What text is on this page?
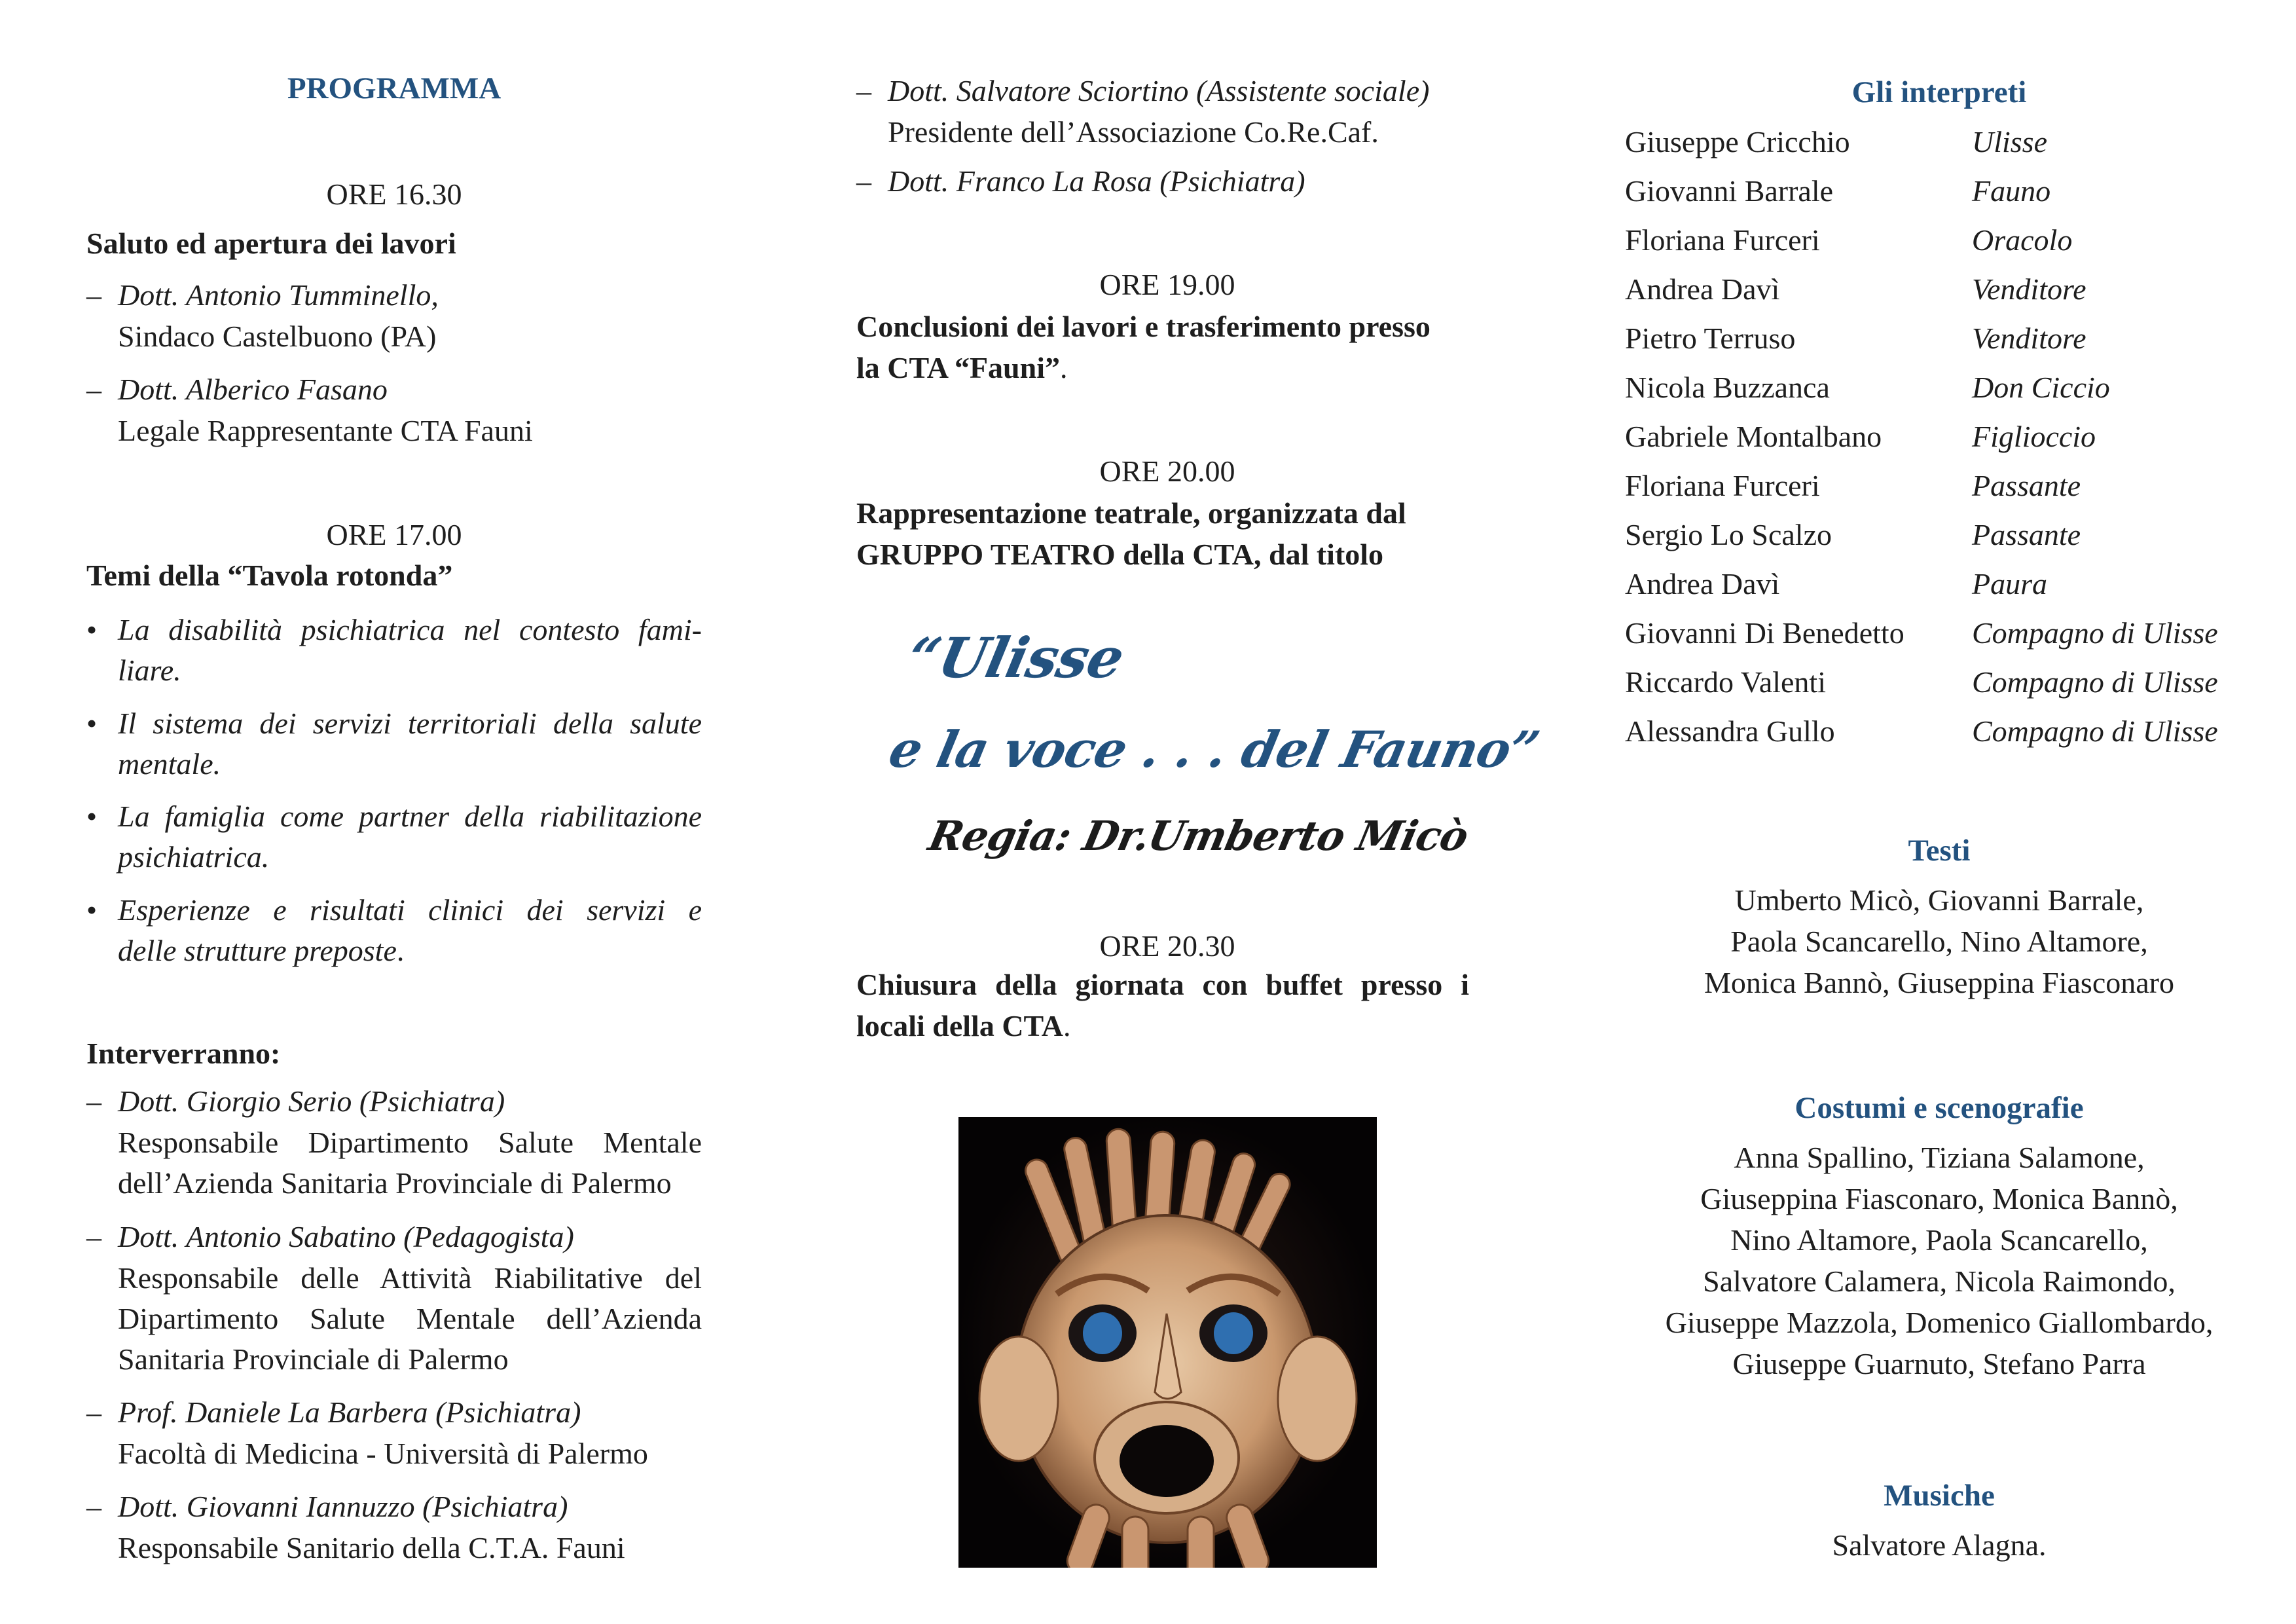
PROGRAMMA
ORE 16.30
Saluto ed apertura dei lavori
– Dott. Antonio Tumminello,
Sindaco Castelbuono (PA)
– Dott. Alberico Fasano
Legale Rappresentante CTA Fauni
ORE 17.00
Temi della “Tavola rotonda”
• La disabilità psichiatrica nel contesto fami-
liare.
• Il sistema dei servizi territoriali della salute
mentale.
• La famiglia come partner della riabilitazione
psichiatrica.
• Esperienze e risultati clinici dei servizi e
delle strutture preposte.
Interverranno:
– Dott. Giorgio Serio (Psichiatra)
Responsabile Dipartimento Salute Mentale
dell’Azienda Sanitaria Provinciale di Palermo
– Dott. Antonio Sabatino (Pedagogista)
Responsabile delle Attività Riabilitative del
Dipartimento Salute Mentale dell’Azienda
Sanitaria Provinciale di Palermo
– Prof. Daniele La Barbera (Psichiatra)
Facoltà di Medicina - Università di Palermo
– Dott. Giovanni Iannuzzo (Psichiatra)
Responsabile Sanitario della C.T.A. Fauni
– Dott. Salvatore Sciortino (Assistente sociale)
Presidente dell’Associazione Co.Re.Caf.
– Dott. Franco La Rosa (Psichiatra)
ORE 19.00
Conclusioni dei lavori e trasferimento presso
la CTA “Fauni”.
ORE 20.00
Rappresentazione teatrale, organizzata dal
GRUPPO TEATRO della CTA, dal titolo
“Ulisse
e la voce . . . del Fauno”
Regia: Dr.Umberto Micò
ORE 20.30
Chiusura della giornata con buffet presso i
locali della CTA.
Gli interpreti
Giuseppe Cricchio	Ulisse
Giovanni Barrale	Fauno
Floriana Furceri	Oracolo
Andrea Davì	Venditore
Pietro Terruso	Venditore
Nicola Buzzanca	Don Ciccio
Gabriele Montalbano	Figlioccio
Floriana Furceri	Passante
Sergio Lo Scalzo	Passante
Andrea Davì	Paura
Giovanni Di Benedetto Compagno di Ulisse
Riccardo Valenti	Compagno di Ulisse
Alessandra Gullo	Compagno di Ulisse
Testi
Umberto Micò, Giovanni Barrale,
Paola Scancarello, Nino Altamore,
Monica Bannò, Giuseppina Fiasconaro
Costumi e scenografie
Anna Spallino, Tiziana Salamone,
Giuseppina Fiasconaro, Monica Bannò,
Nino Altamore, Paola Scancarello,
Salvatore Calamera, Nicola Raimondo,
Giuseppe Mazzola, Domenico Giallombardo,
Giuseppe Guarnuto, Stefano Parra
Musiche
Salvatore Alagna.
